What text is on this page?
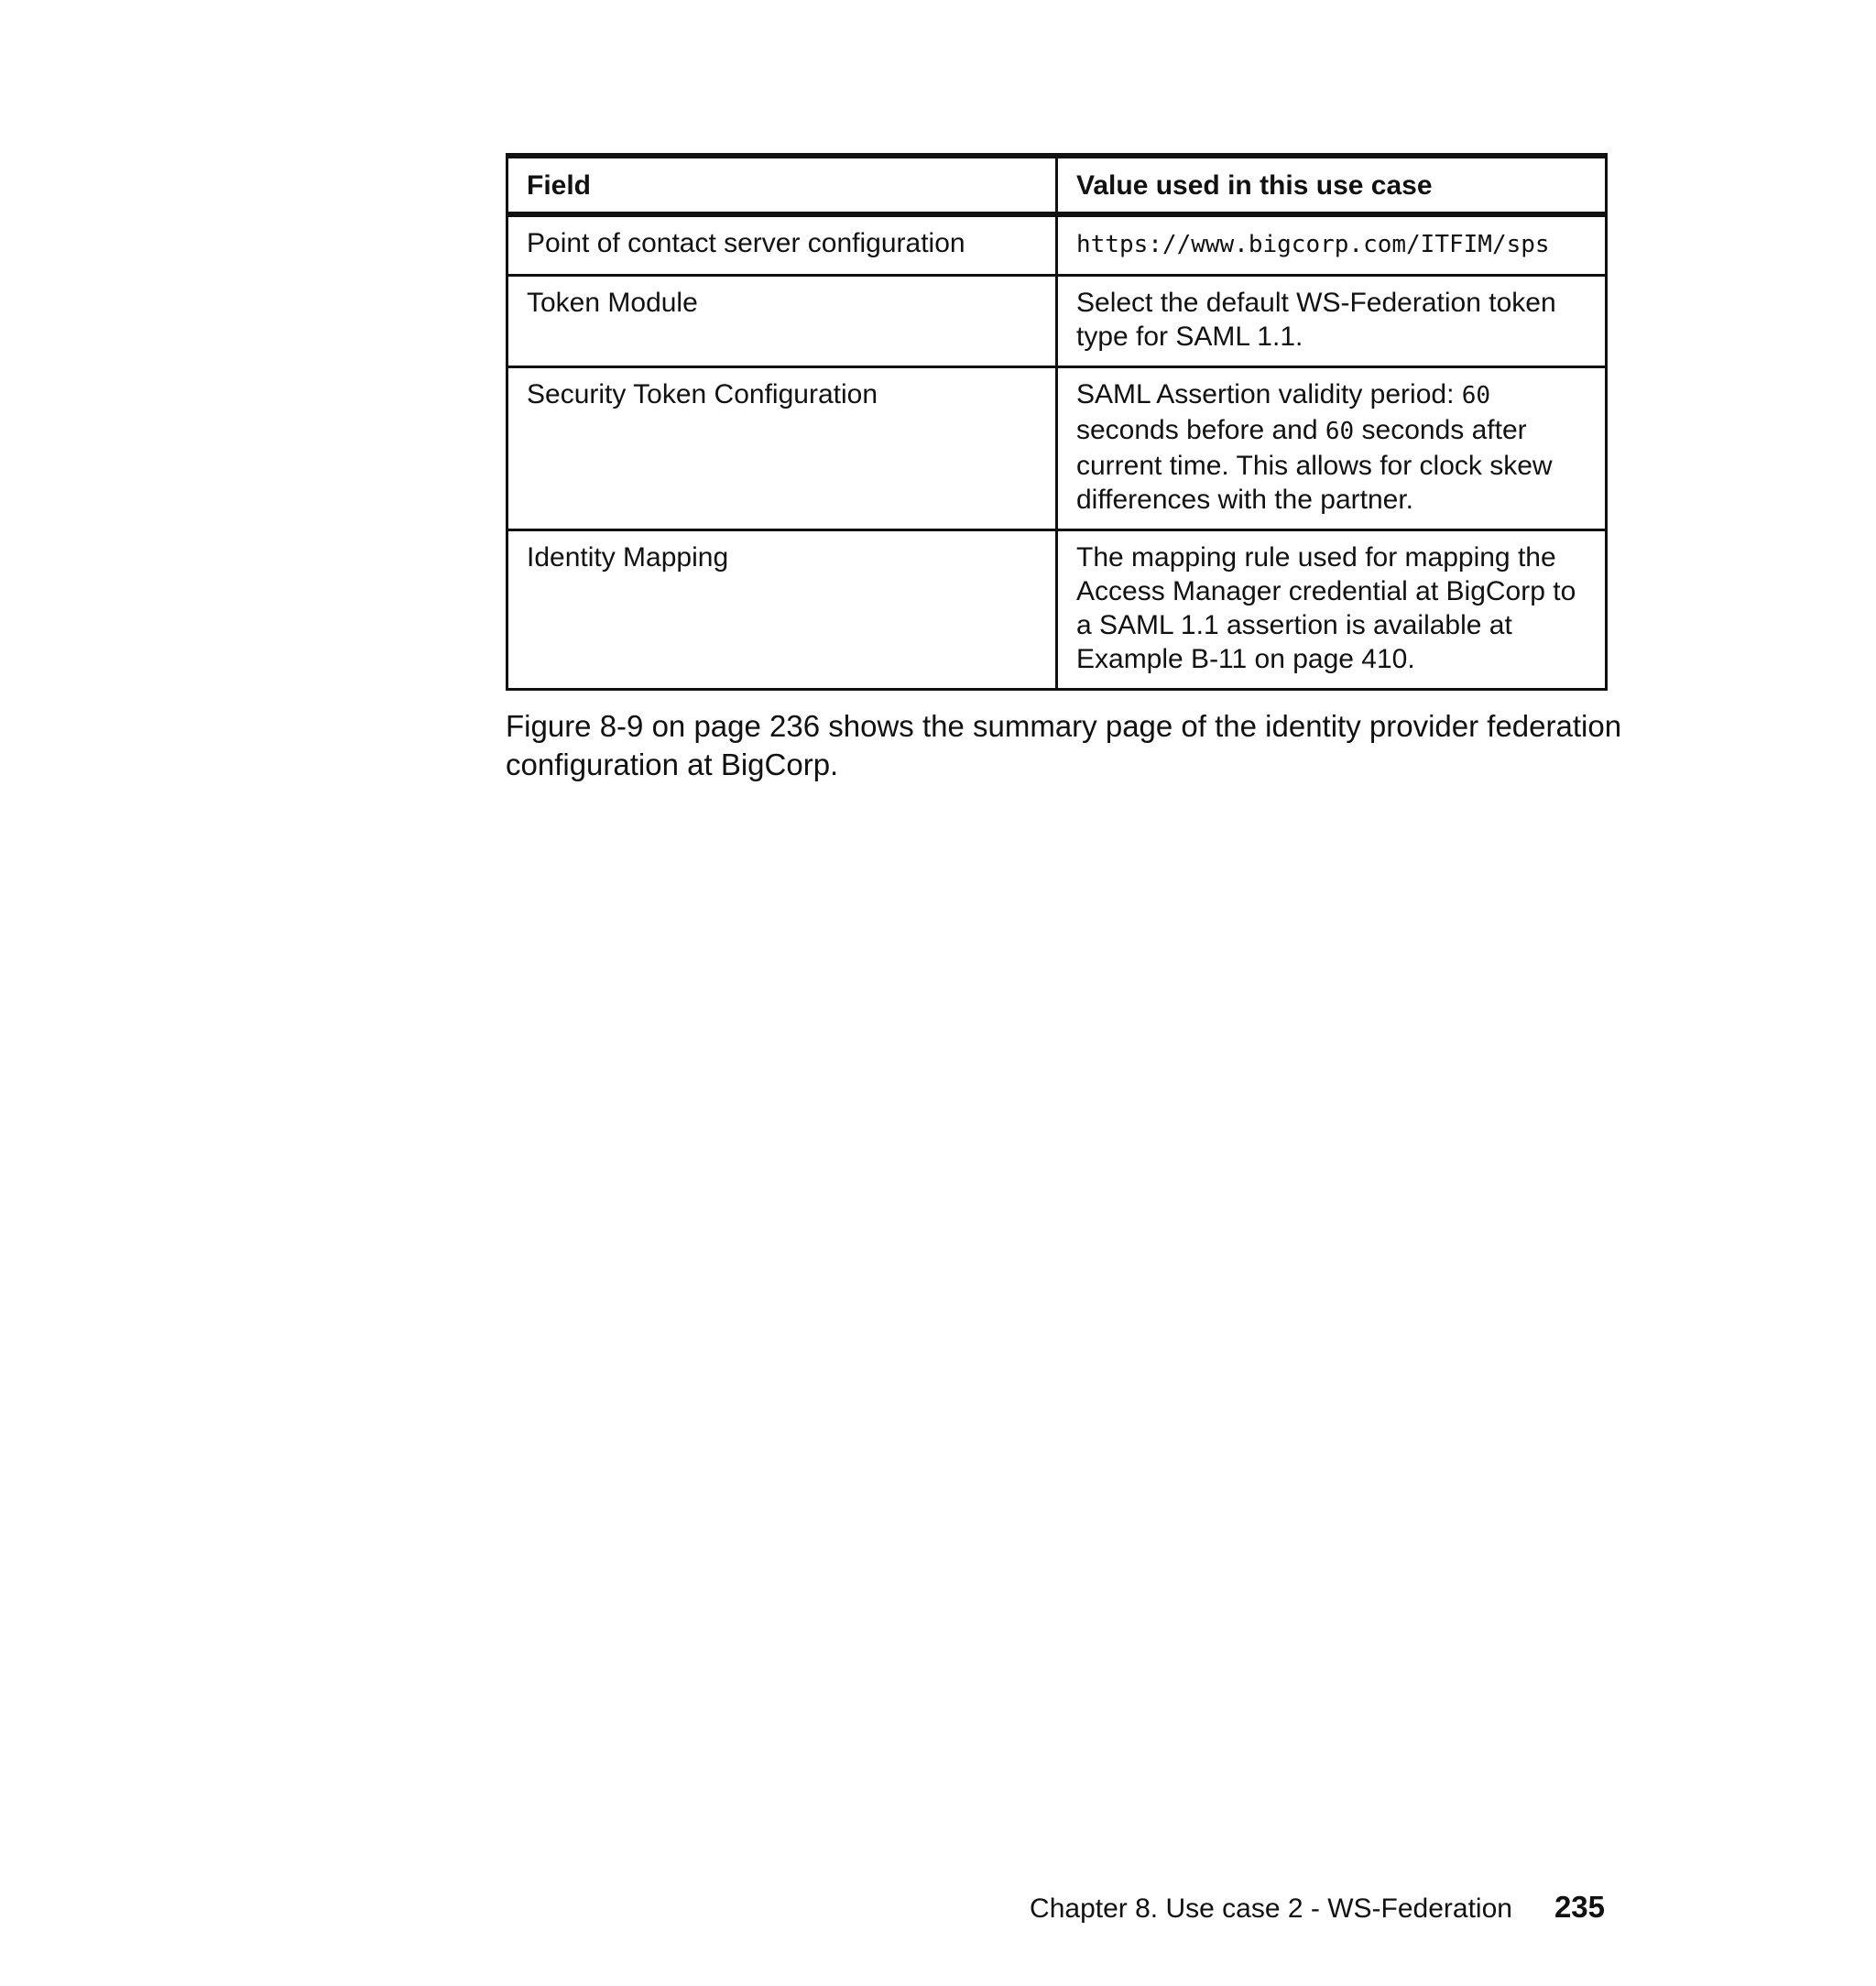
Field	Value used in this use case
Point of contact server configuration	https://www.bigcorp.com/ITFIM/sps
Token Module	Select the default WS-Federation token type for SAML 1.1.
Security Token Configuration	SAML Assertion validity period: 60 seconds before and 60 seconds after current time. This allows for clock skew differences with the partner.
Identity Mapping	The mapping rule used for mapping the Access Manager credential at BigCorp to a SAML 1.1 assertion is available at Example B-11 on page 410.

Figure 8-9 on page 236 shows the summary page of the identity provider federation configuration at BigCorp.

Chapter 8. Use case 2 - WS-Federation 235
